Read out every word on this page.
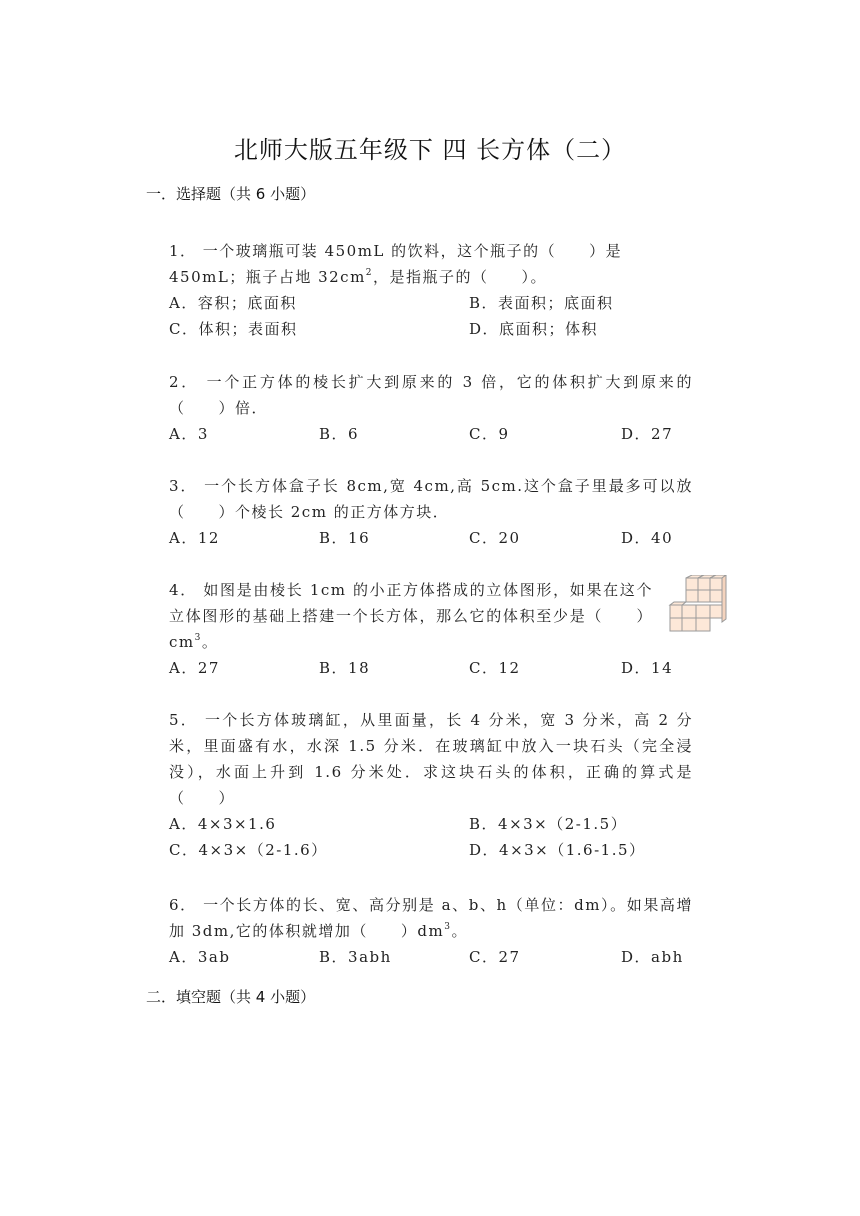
北师大版五年级下 四 长方体（二）
一．选择题（共 6 小题）

1． 一个玻璃瓶可装 450mL 的饮料，这个瓶子的（　　）是

450mL；瓶子占地 $32cm^2$，是指瓶子的（　　）。

A．容积；底面积	B．表面积；底面积
C．体积；表面积	D．底面积；体积

2． 一个正方体的棱长扩大到原来的 3 倍，它的体积扩大到原来的（　　）倍．

A．3	B．6	C．9	D．27

3． 一个长方体盒子长 8cm,宽 4cm,高 5cm.这个盒子里最多可以放（　　）个棱长 2cm 的正方体方块．

A．12	B．16	C．20	D．40

4． 如图是由棱长 1cm 的小正方体搭成的立体图形，如果在这个立体图形的基础上搭建一个长方体，那么它的体积至少是（　　）$cm^3$。

A．27	B．18	C．12	D．14

5． 一个长方体玻璃缸，从里面量，长 4 分米，宽 3 分米，高 2 分米，里面盛有水，水深 1.5 分米．在玻璃缸中放入一块石头（完全浸没），水面上升到 1.6 分米处．求这块石头的体积，正确的算式是（　　）

A．4×3×1.6	B．4×3×（2-1.5）
C．4×3×（2-1.6）	D．4×3×（1.6-1.5）

6． 一个长方体的长、宽、高分别是 a、b、h（单位：dm）。如果高增加 3dm,它的体积就增加（　　）$dm^3$。

A．3ab	B．3abh	C．27	D．abh
二．填空题（共 4 小题）
